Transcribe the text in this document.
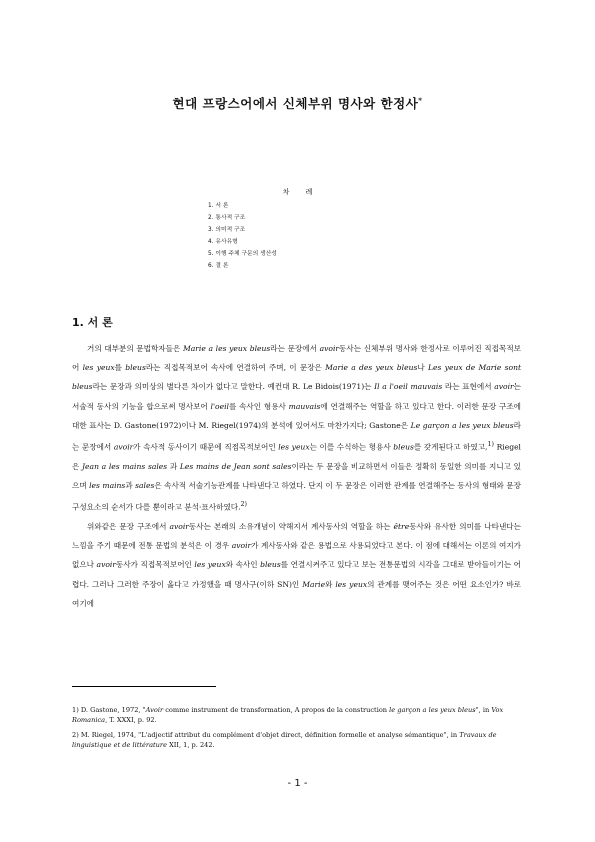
현대 프랑스어에서 신체부위 명사와 한정사*
차 례
1. 서 론
2. 통사적 구조
3. 의미적 구조
4. 유사유형
5. 이행 주체 구문의 생산성
6. 결 론
1. 서 론

거의 대부분의 문법학자들은 Marie a les yeux bleus라는 문장에서 avoir동사는 신체부위 명사와 한정사로 이루어진 직접목적보어 les yeux를 bleus라는 직접목적보어 속사에 연결하여 주며, 이 문장은 Marie a des yeux bleus나 Les yeux de Marie sont bleus라는 문장과 의미상의 별다른 차이가 없다고 말한다. 예컨대 R. Le Bidois(1971)는 Il a l'oeil mauvais 라는 표현에서 avoir는 서술적 동사의 기능을 합으로써 명사보어 l'oeil를 속사인 형용사 mauvais에 연결해주는 역할을 하고 있다고 한다. 이러한 문장 구조에 대한 표사는 D. Gastone(1972)이나 M. Riegel(1974)의 분석에 있어서도 마찬가지다; Gastone은 Le garçon a les yeux bleus라는 문장에서 avoir가 속사적 동사이기 때문에 직접목적보어인 les yeux는 이를 수식하는 형용사 bleus를 갖게된다고 하였고,$^{1)}$ Riegel은 Jean a les mains sales 과 Les mains de Jean sont sales이라는 두 문장을 비교하면서 이들은 정확히 동일한 의미를 지니고 있으며 les mains과 sales은 속사적 서술기능관계를 나타낸다고 하였다. 단지 이 두 문장은 이러한 관계를 연결해주는 동사의 형태와 문장 구성요소의 순서가 다를 뿐이라고 분석·표사하였다.$^{2)}$

위와같은 문장 구조에서 avoir동사는 본래의 소유개념이 약해지서 계사동사의 역할을 하는 être동사와 유사한 의미를 나타낸다는 느낌을 주기 때문에 전통 문법의 분석은 이 경우 avoir가 계사동사와 같은 용법으로 사용되었다고 본다. 이 점에 대해서는 이론의 여지가 없으나 avoir동사가 직접목적보어인 les yeux와 속사인 bleus를 연결시켜주고 있다고 보는 전통문법의 시각을 그대로 받아들이기는 어렵다. 그러나 그러한 주장이 옳다고 가정했을 때 명사구(이하 SN)인 Marie와 les yeux의 관계를 맺어주는 것은 어떤 요소인가? 바로 여기에

1) D. Gastone, 1972, "Avoir comme instrument de transformation, A propos de la construction le garçon a les yeux bleus", in Vox Romanica, T. XXXI, p. 92.

2) M. Riegel, 1974, "L'adjectif attribut du complément d'objet direct, définition formelle et analyse sémantique", in Travaux de linguistique et de littérature XII, 1, p. 242.

- 1 -
